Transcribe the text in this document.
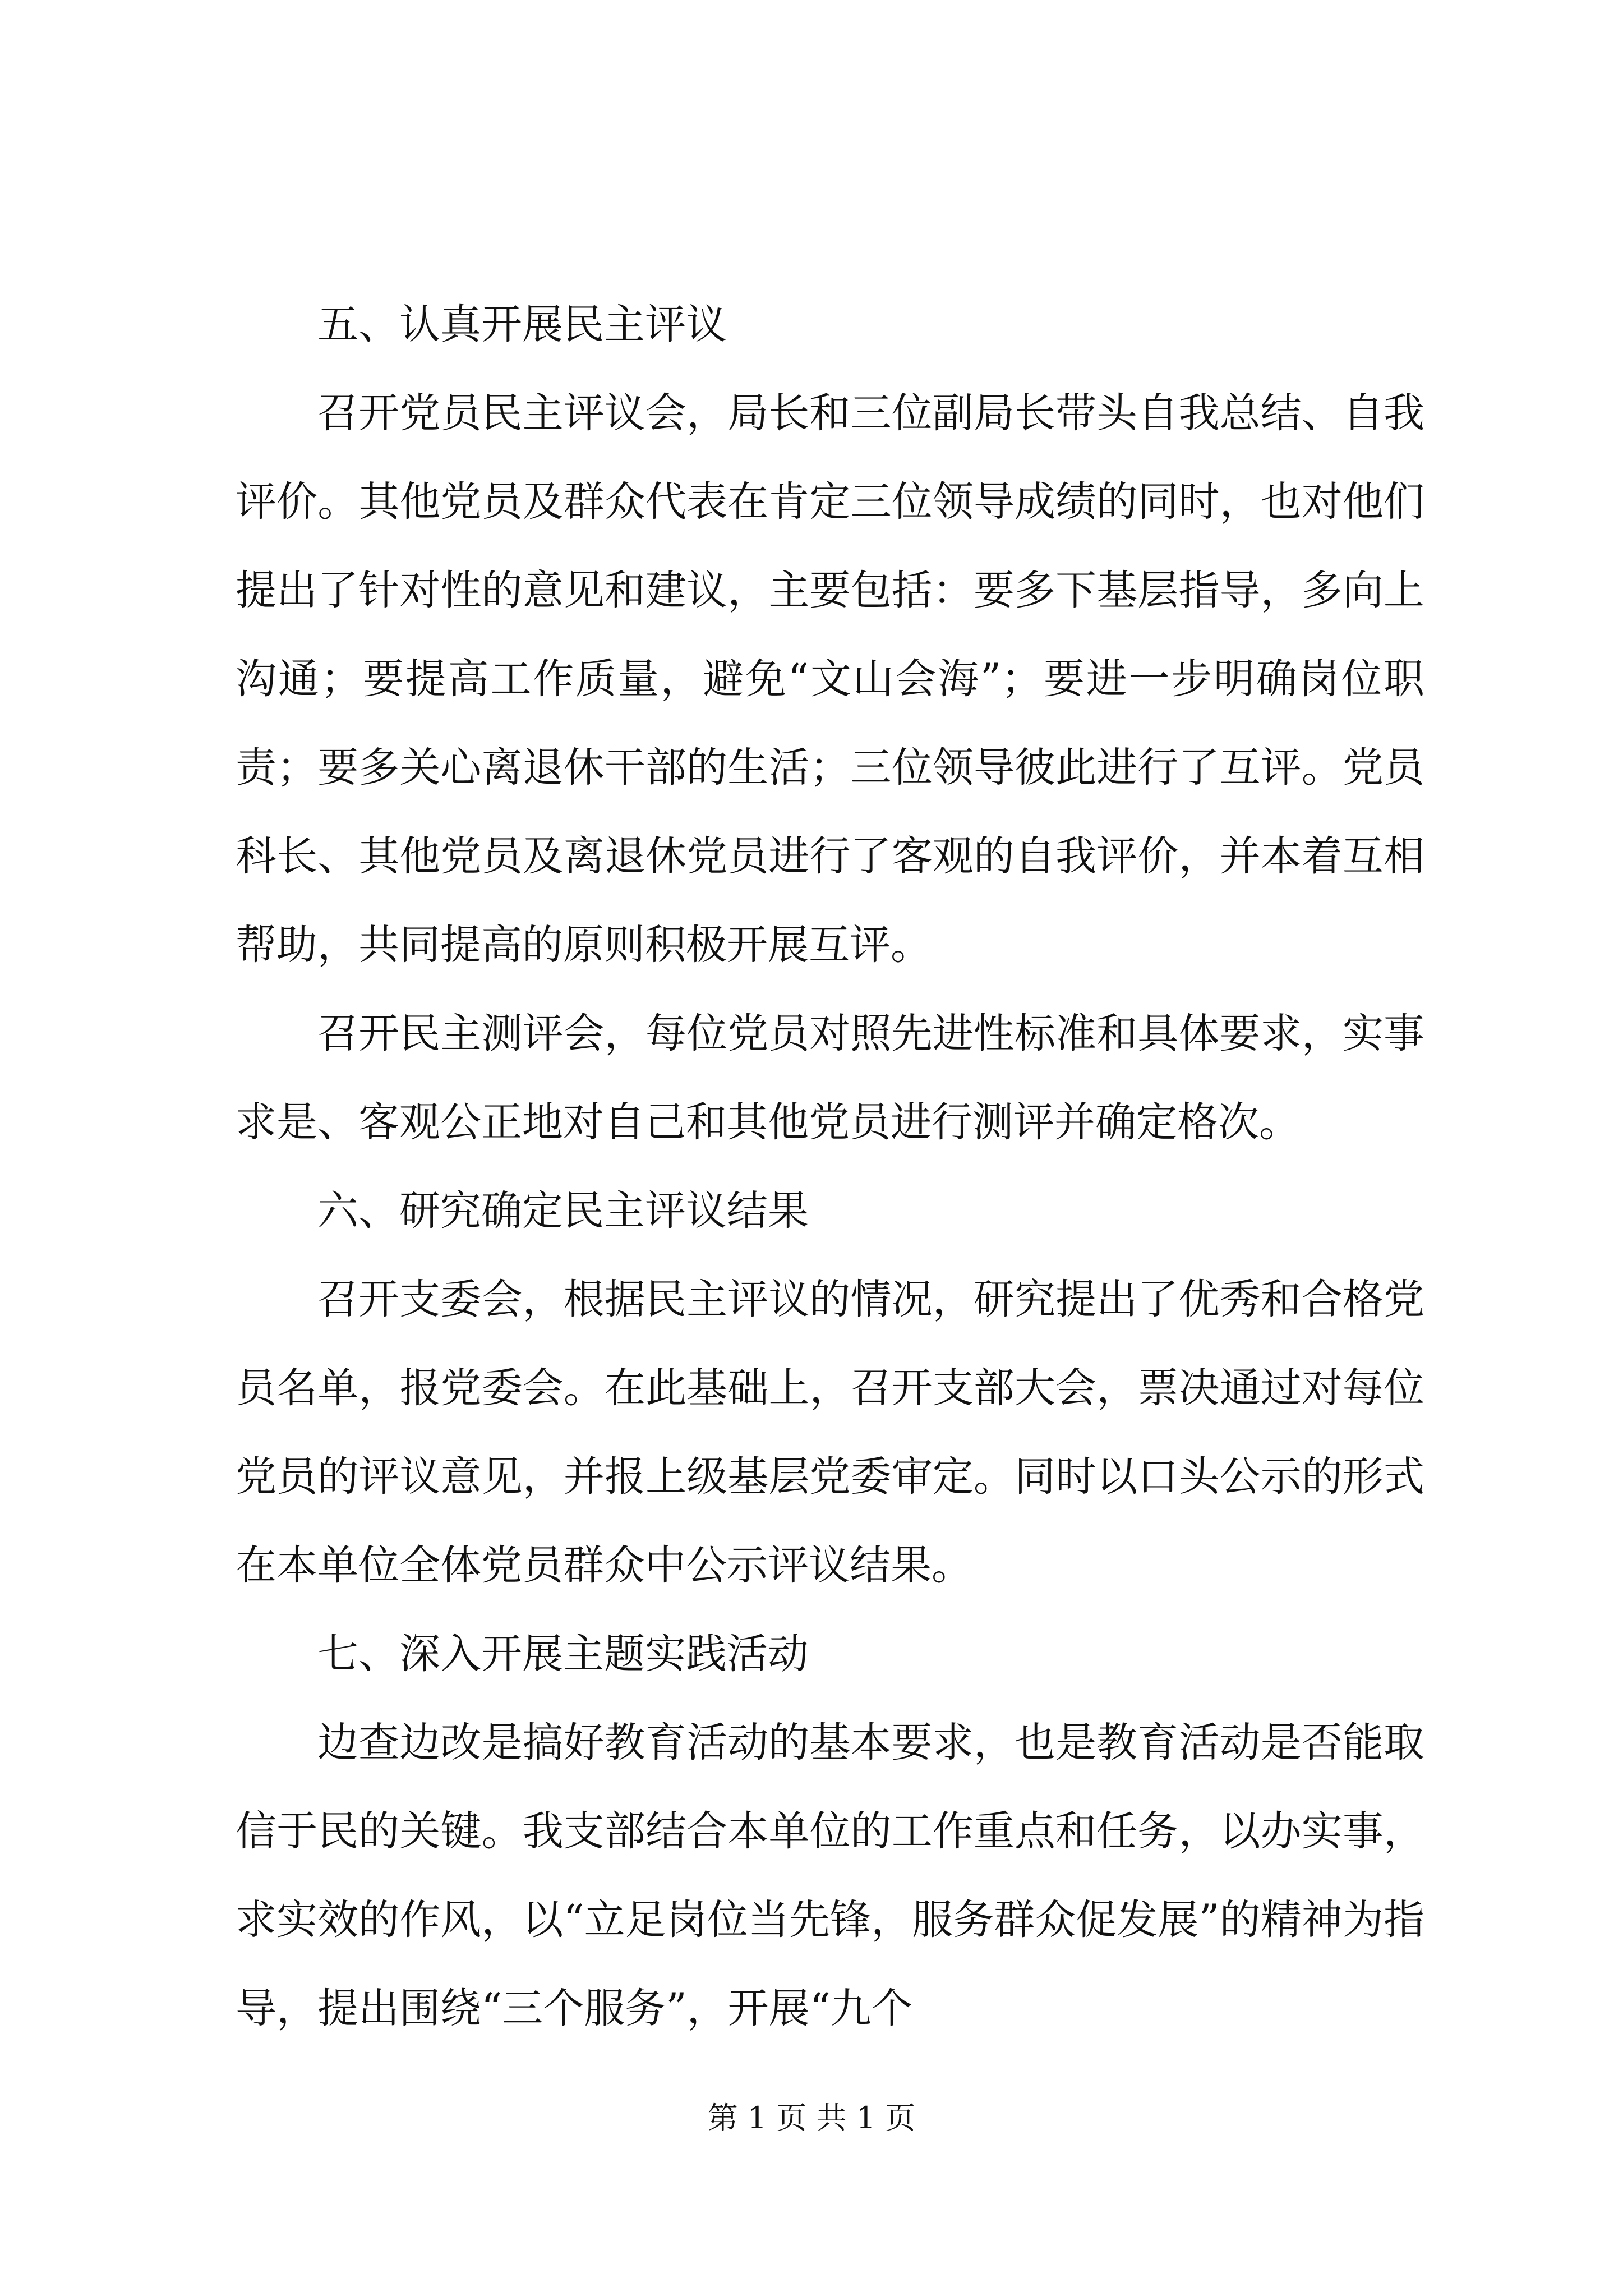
五、认真开展民主评议

召开党员民主评议会，局长和三位副局长带头自我总结、自我评价。其他党员及群众代表在肯定三位领导成绩的同时，也对他们提出了针对性的意见和建议，主要包括：要多下基层指导，多向上沟通；要提高工作质量，避免“文山会海”；要进一步明确岗位职责；要多关心离退休干部的生活；三位领导彼此进行了互评。党员科长、其他党员及离退休党员进行了客观的自我评价，并本着互相帮助，共同提高的原则积极开展互评。

召开民主测评会，每位党员对照先进性标准和具体要求，实事求是、客观公正地对自己和其他党员进行测评并确定格次。

六、研究确定民主评议结果

召开支委会，根据民主评议的情况，研究提出了优秀和合格党员名单，报党委会。在此基础上，召开支部大会，票决通过对每位党员的评议意见，并报上级基层党委审定。同时以口头公示的形式在本单位全体党员群众中公示评议结果。

七、深入开展主题实践活动

边查边改是搞好教育活动的基本要求，也是教育活动是否能取信于民的关键。我支部结合本单位的工作重点和任务，以办实事，求实效的作风，以“立足岗位当先锋，服务群众促发展”的精神为指导，提出围绕“三个服务”，开展“九个

第 1 页 共 1 页
